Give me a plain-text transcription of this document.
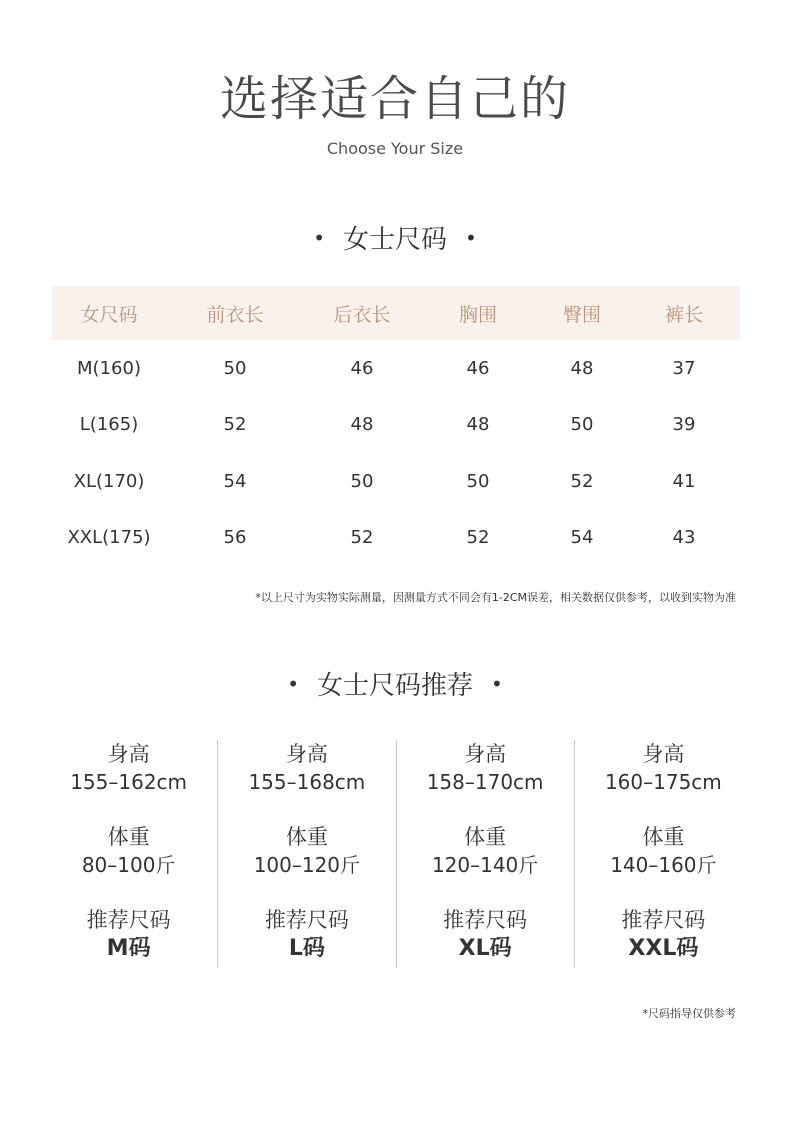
选择适合自己的
Choose Your Size
• 女士尺码 •
女尺码	前衣长	后衣长	胸围	臀围	裤长
M(160)	50	46	46	48	37
L(165)	52	48	48	50	39
XL(170)	54	50	50	52	41
XXL(175)	56	52	52	54	43
*以上尺寸为实物实际测量，因测量方式不同会有1-2CM误差，相关数据仅供参考，以收到实物为准
• 女士尺码推荐 •
身高
155–162cm
体重
80–100斤
推荐尺码
M码
身高
155–168cm
体重
100–120斤
推荐尺码
L码
身高
158–170cm
体重
120–140斤
推荐尺码
XL码
身高
160–175cm
体重
140–160斤
推荐尺码
XXL码
*尺码指导仅供参考
